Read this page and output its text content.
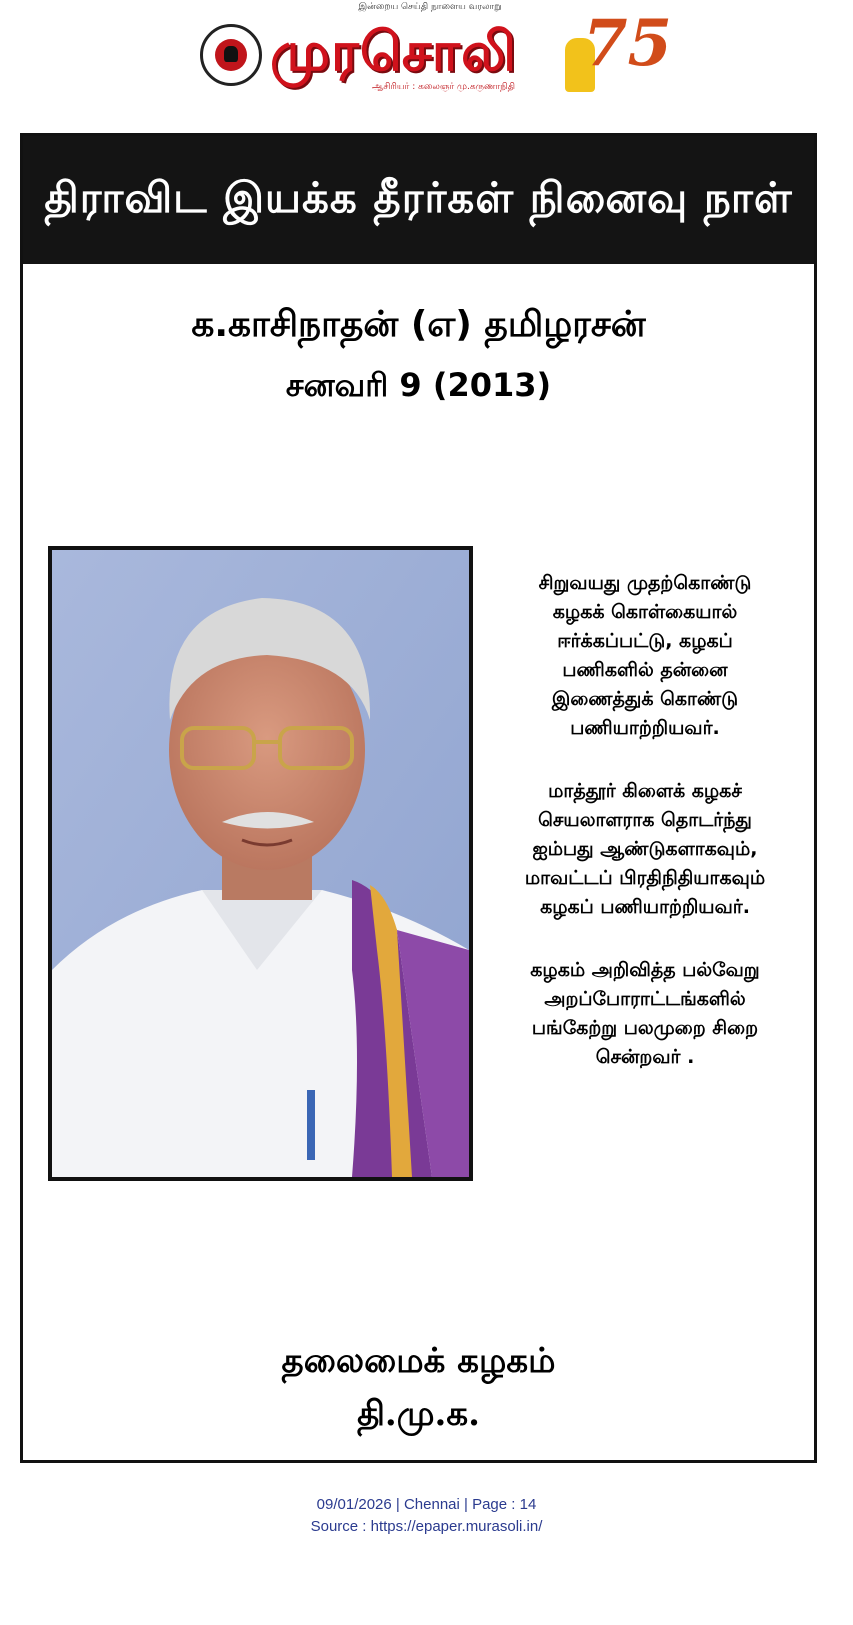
இன்றைய செய்தி நாளைய வரலாறு
முரசொலி
ஆசிரியர் : கலைஞர் மு.கருணாநிதி
75
திராவிட இயக்க தீரர்கள் நினைவு நாள்
க.காசிநாதன் (எ) தமிழரசன்
சனவரி 9 (2013)

சிறுவயது முதற்கொண்டு
கழகக் கொள்கையால்
ஈர்க்கப்பட்டு, கழகப்
பணிகளில் தன்னை
இணைத்துக் கொண்டு
பணியாற்றியவர்.

மாத்தூர் கிளைக் கழகச்
செயலாளராக தொடர்ந்து
ஐம்பது ஆண்டுகளாகவும்,
மாவட்டப் பிரதிநிதியாகவும்
கழகப் பணியாற்றியவர்.

கழகம் அறிவித்த பல்வேறு
அறப்போராட்டங்களில்
பங்கேற்று பலமுறை சிறை
சென்றவர் .

தலைமைக் கழகம்
தி.மு.க.
09/01/2026 | Chennai | Page : 14
Source : https://epaper.murasoli.in/
